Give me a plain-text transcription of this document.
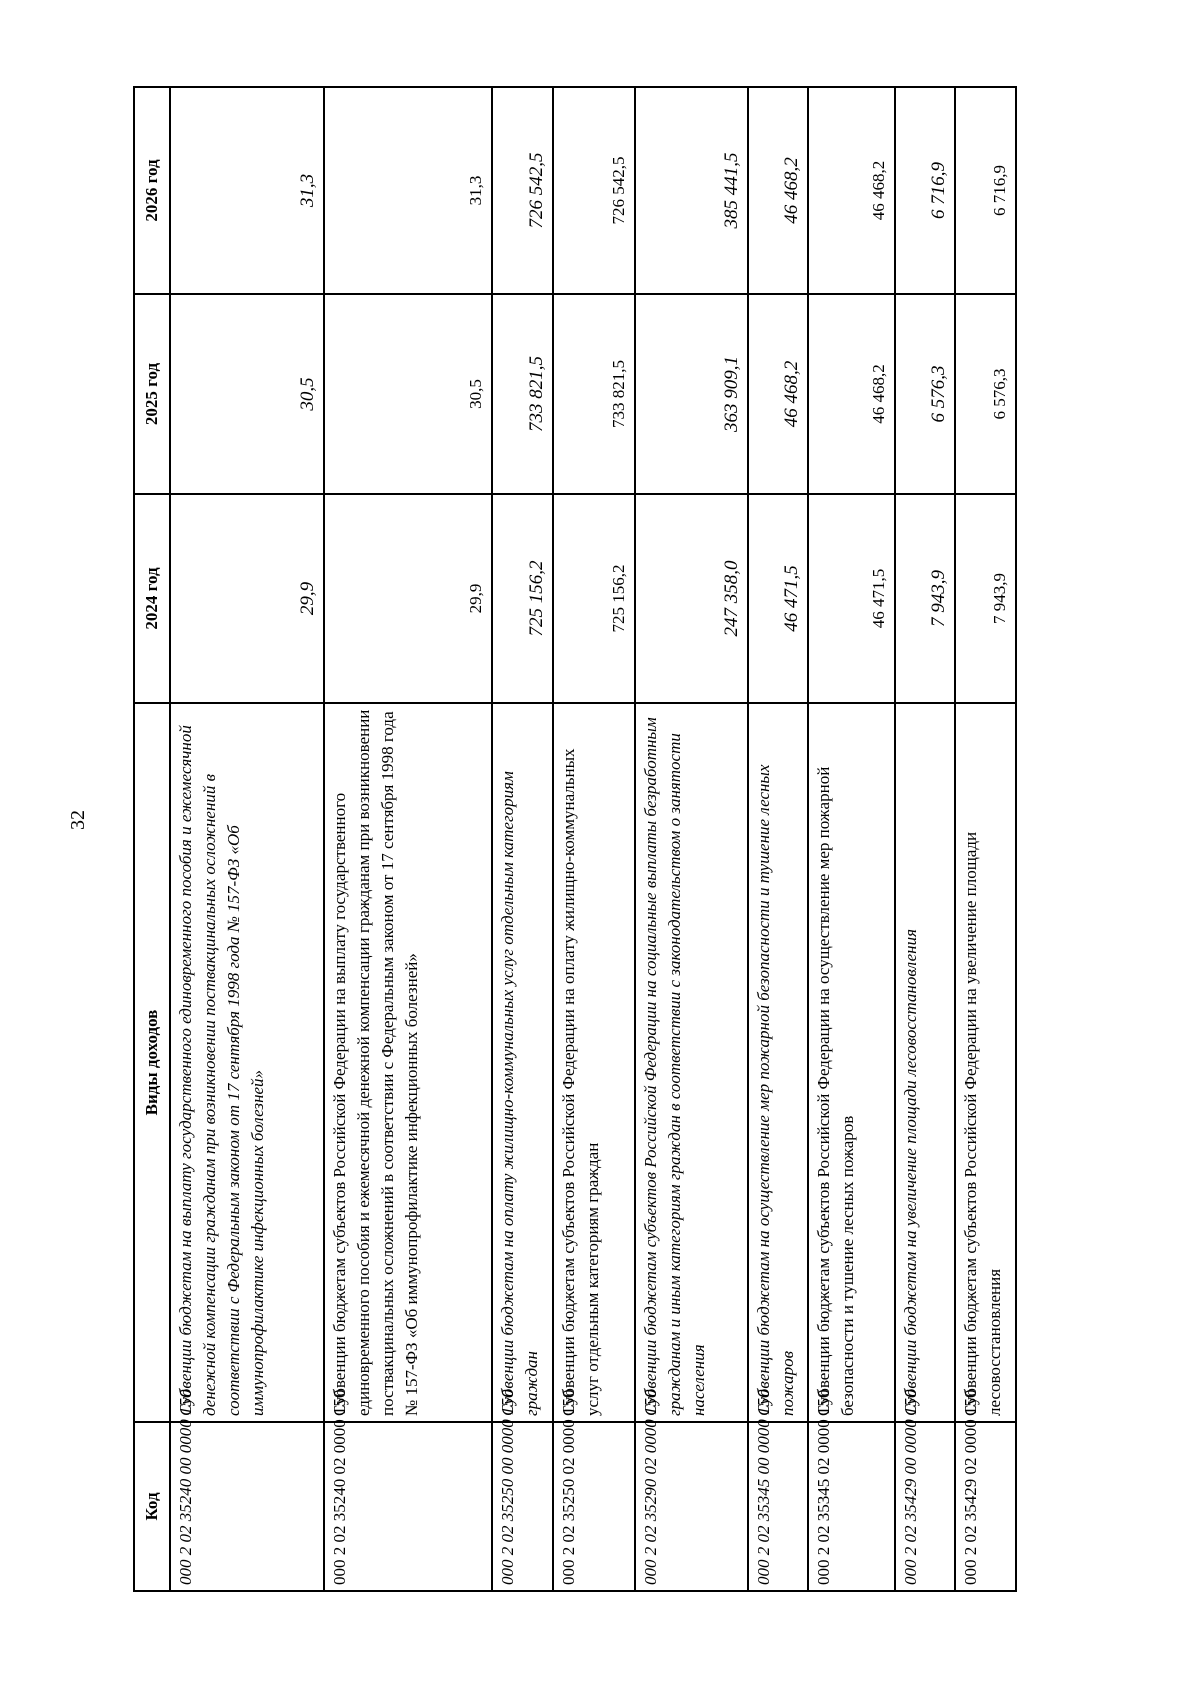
32
Код	Виды доходов	2024 год	2025 год	2026 год
000 2 02 35240 00 0000 150	Субвенции бюджетам на выплату государственного единовременного пособия и ежемесячной денежной компенсации гражданам при возникновении поствакцинальных осложнений в соответствии с Федеральным законом от 17 сентября 1998 года № 157-ФЗ «Об иммунопрофилактике инфекционных болезней»	29,9	30,5	31,3
000 2 02 35240 02 0000 150	Субвенции бюджетам субъектов Российской Федерации на выплату государственного единовременного пособия и ежемесячной денежной компенсации гражданам при возникновении поствакцинальных осложнений в соответствии с Федеральным законом от 17 сентября 1998 года № 157-ФЗ «Об иммунопрофилактике инфекционных болезней»	29,9	30,5	31,3
000 2 02 35250 00 0000 150	Субвенции бюджетам на оплату жилищно-коммунальных услуг отдельным категориям граждан	725 156,2	733 821,5	726 542,5
000 2 02 35250 02 0000 150	Субвенции бюджетам субъектов Российской Федерации на оплату жилищно-коммунальных услуг отдельным категориям граждан	725 156,2	733 821,5	726 542,5
000 2 02 35290 02 0000 150	Субвенции бюджетам субъектов Российской Федерации на социальные выплаты безработным гражданам и иным категориям граждан в соответствии с законодательством о занятости населения	247 358,0	363 909,1	385 441,5
000 2 02 35345 00 0000 150	Субвенции бюджетам на осуществление мер пожарной безопасности и тушение лесных пожаров	46 471,5	46 468,2	46 468,2
000 2 02 35345 02 0000 150	Субвенции бюджетам субъектов Российской Федерации на осуществление мер пожарной безопасности и тушение лесных пожаров	46 471,5	46 468,2	46 468,2
000 2 02 35429 00 0000 150	Субвенции бюджетам на увеличение площади лесовосстановления	7 943,9	6 576,3	6 716,9
000 2 02 35429 02 0000 150	Субвенции бюджетам субъектов Российской Федерации на увеличение площади лесовосстановления	7 943,9	6 576,3	6 716,9
